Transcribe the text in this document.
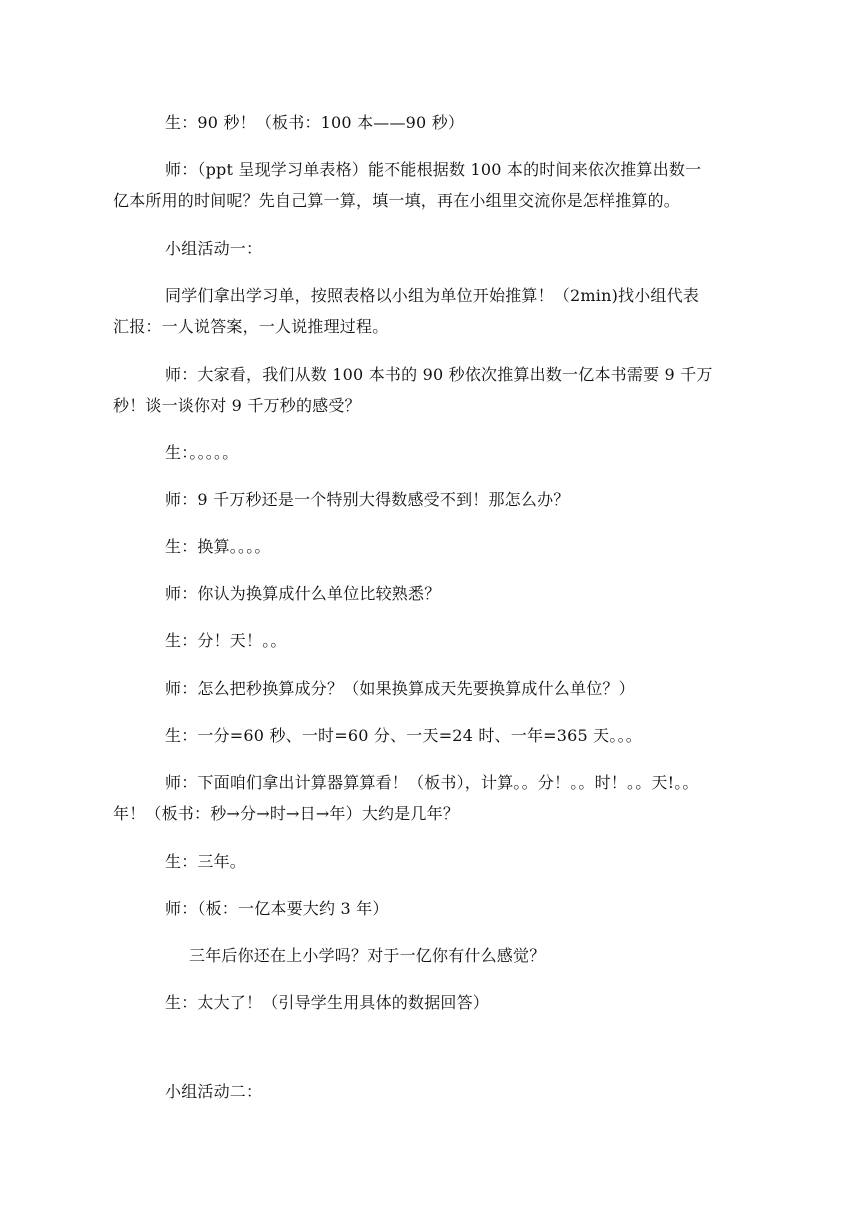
生：90 秒！（板书：100 本——90 秒）
师：（ppt 呈现学习单表格）能不能根据数 100 本的时间来依次推算出数一
亿本所用的时间呢？先自己算一算，填一填，再在小组里交流你是怎样推算的。
小组活动一：
同学们拿出学习单，按照表格以小组为单位开始推算！（2min)找小组代表
汇报：一人说答案，一人说推理过程。
师：大家看，我们从数 100 本书的 90 秒依次推算出数一亿本书需要 9 千万
秒！谈一谈你对 9 千万秒的感受？
生：。。。。。
师：9 千万秒还是一个特别大得数感受不到！那怎么办？
生：换算。。。。
师：你认为换算成什么单位比较熟悉？
生：分！天！。。
师：怎么把秒换算成分？（如果换算成天先要换算成什么单位？）
生：一分=60 秒、一时=60 分、一天=24 时、一年=365 天。。。
师：下面咱们拿出计算器算算看！（板书），计算。。分！。。时！。。天!。。
年！（板书：秒→分→时→日→年）大约是几年？
生：三年。
师：（板：一亿本要大约 3 年）
三年后你还在上小学吗？对于一亿你有什么感觉？
生：太大了！（引导学生用具体的数据回答）
小组活动二：
